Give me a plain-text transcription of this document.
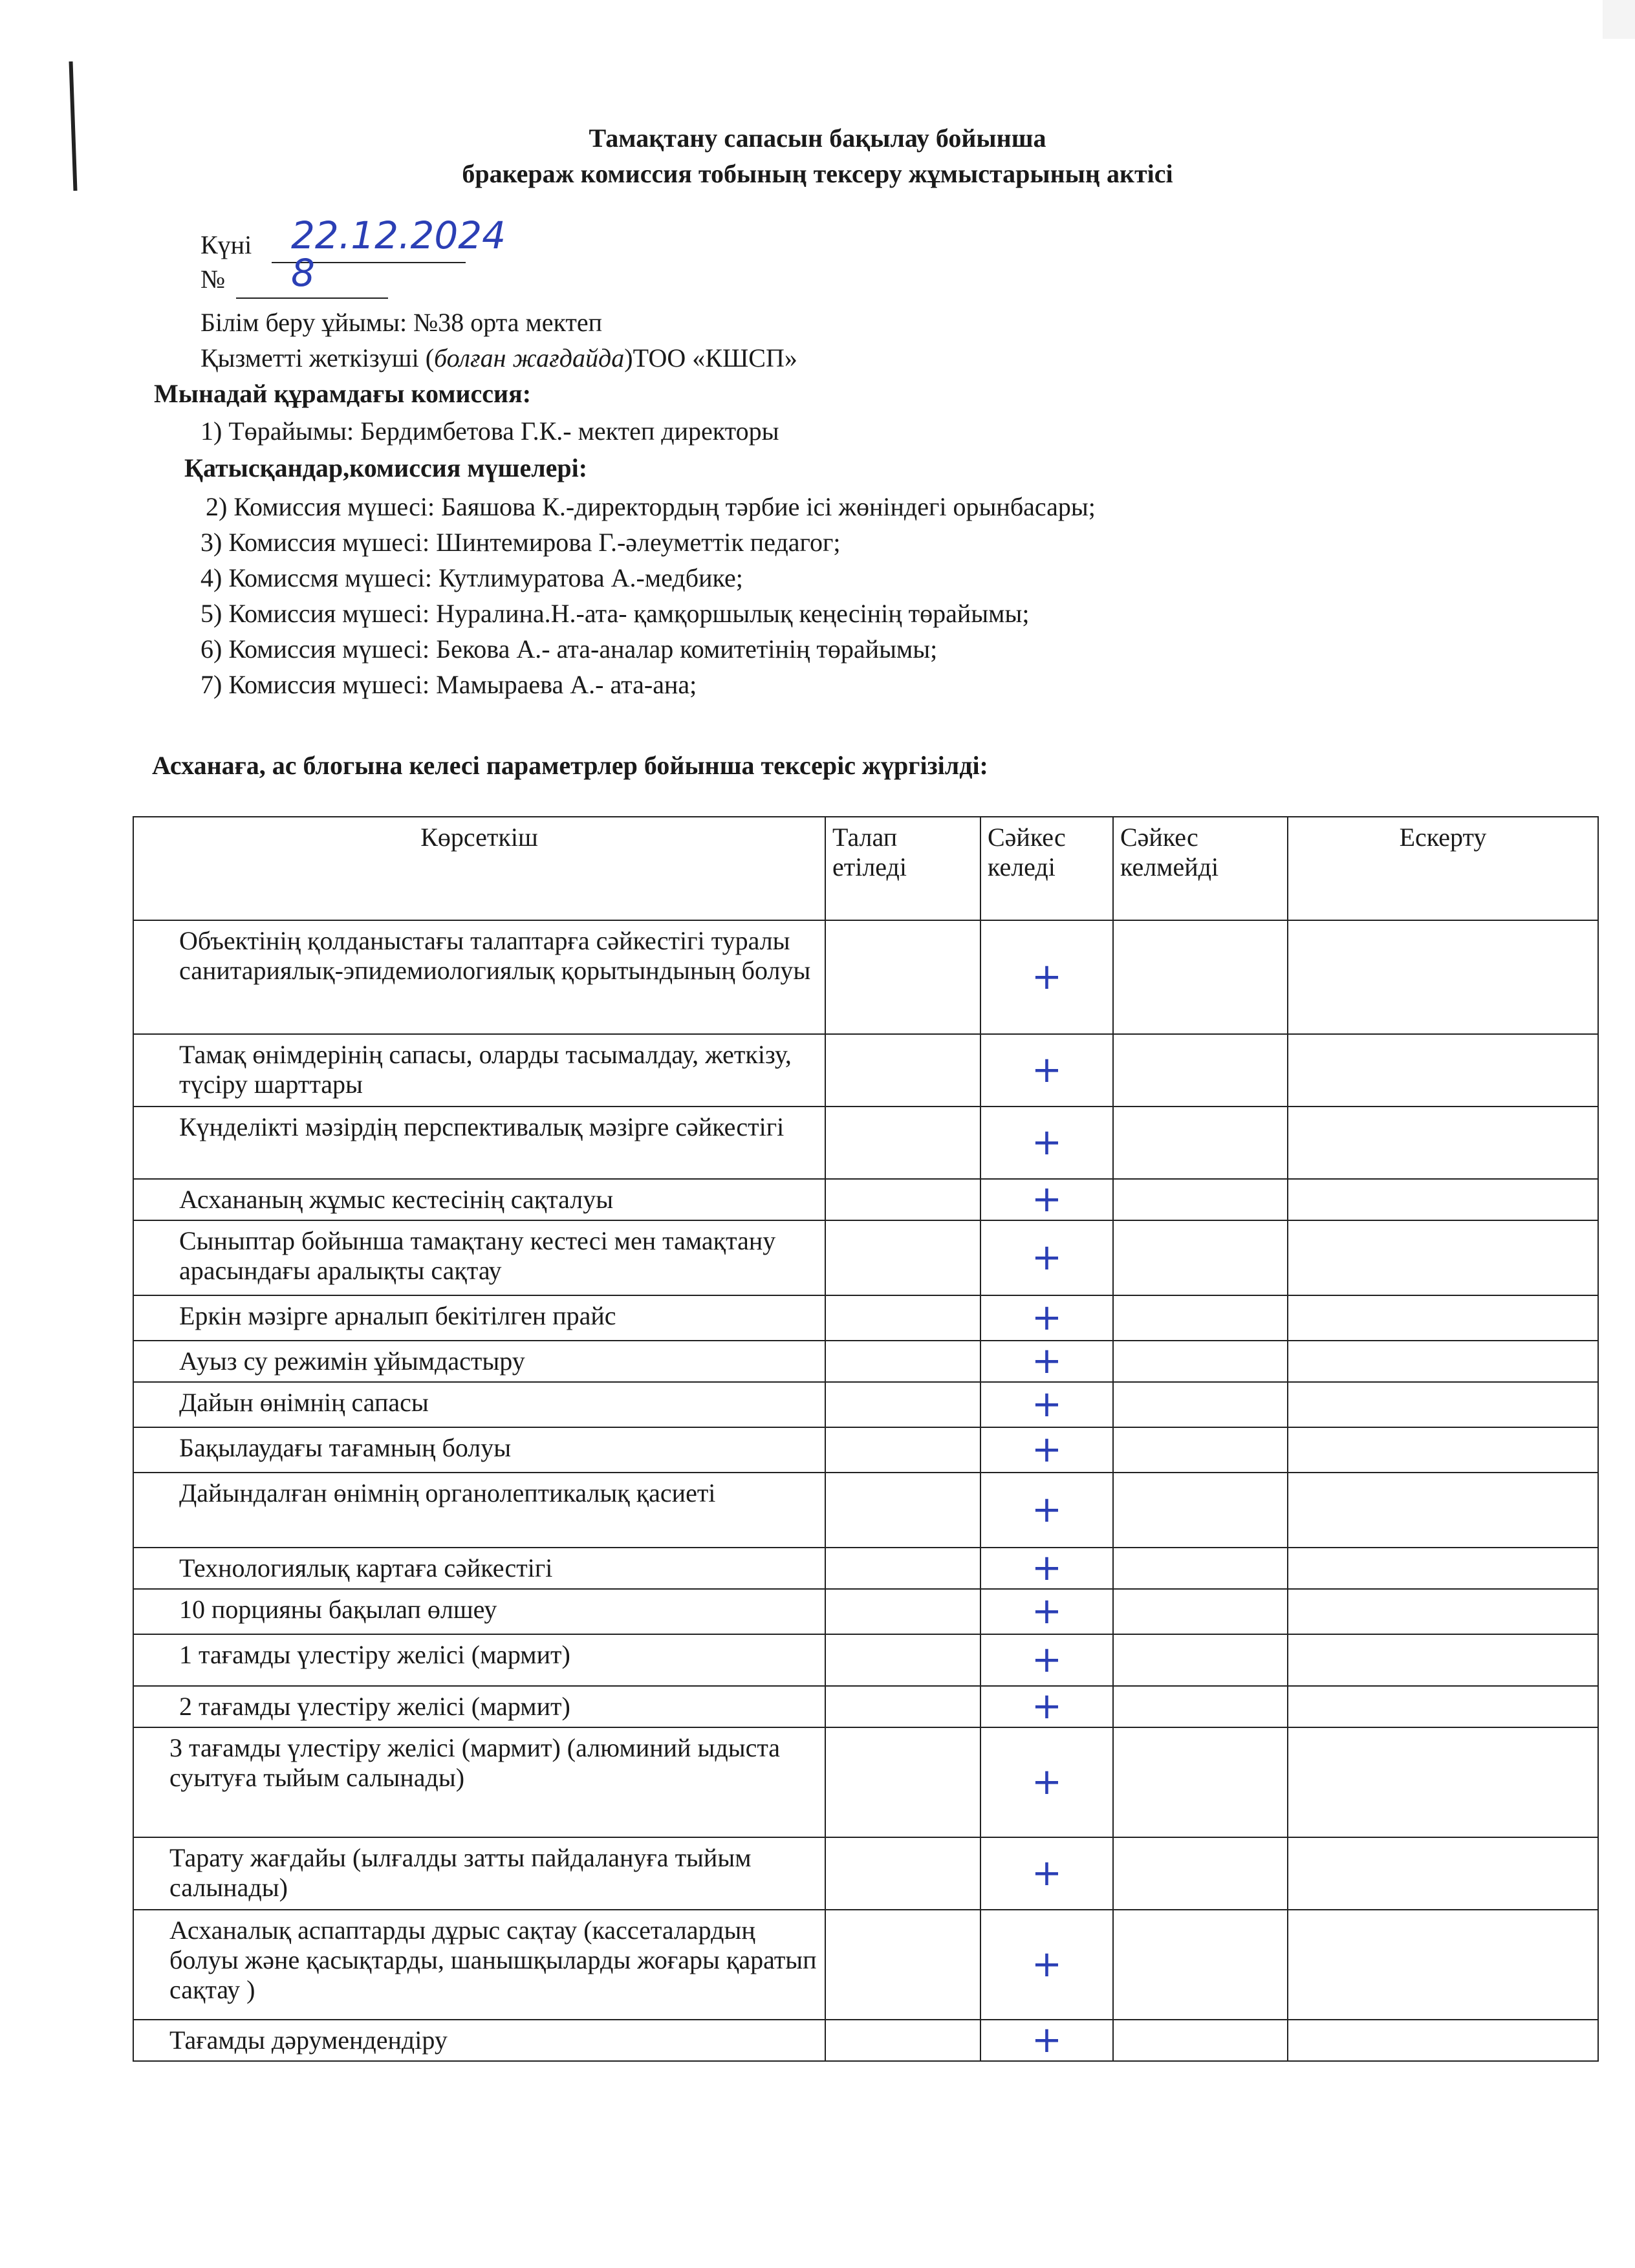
Тамақтану сапасын бақылау бойынша
бракераж комиссия тобының тексеру жұмыстарының актісі
Күні 22.12.2024
№ 8
Білім беру ұйымы: №38 орта мектеп
Қызметті жеткізуші (болған жағдайда)ТОО «КШСП»
Мынадай құрамдағы комиссия:
1) Төрайымы: Бердимбетова Г.К.- мектеп директоры
Қатысқандар,комиссия мүшелері:
2) Комиссия мүшесі: Баяшова К.-директордың тәрбие ісі жөніндегі орынбасары;
3) Комиссия мүшесі: Шинтемирова Г.-әлеуметтік педагог;
4) Комиссмя мүшесі: Кутлимуратова А.-медбике;
5) Комиссия мүшесі: Нуралина.Н.-ата- қамқоршылық кеңесінің төрайымы;
6) Комиссия мүшесі: Бекова А.- ата-аналар комитетінің төрайымы;
7) Комиссия мүшесі: Мамыраева А.- ата-ана;
Асханаға, ас блогына келесі параметрлер бойынша тексеріс жүргізілді:
Көрсеткіш	Талап етіледі	Сәйкес келеді	Сәйкес келмейді	Ескерту
Объектінің қолданыстағы талаптарға сәйкестігі туралы санитариялық-эпидемиологиялық қорытындының болуы		+		
Тамақ өнімдерінің сапасы, оларды тасымалдау, жеткізу, түсіру шарттары		+		
Күнделікті мәзірдің перспективалық мәзірге сәйкестігі		+		
Асхананың жұмыс кестесінің сақталуы		+		
Сыныптар бойынша тамақтану кестесі мен тамақтану арасындағы аралықты сақтау		+		
Еркін мәзірге арналып бекітілген прайс		+		
Ауыз су режимін ұйымдастыру		+		
Дайын өнімнің сапасы		+		
Бақылаудағы тағамның болуы		+		
Дайындалған өнімнің органолептикалық қасиеті		+		
Технологиялық картаға сәйкестігі		+		
10 порцияны бақылап өлшеу		+		
1 тағамды үлестіру желісі (мармит)		+		
2 тағамды үлестіру желісі (мармит)		+		
3 тағамды үлестіру желісі (мармит) (алюминий ыдыста суытуға тыйым салынады)		+		
Тарату жағдайы (ылғалды затты пайдалануға тыйым салынады)		+		
Асханалық аспаптарды дұрыс сақтау (кассеталардың болуы және қасықтарды, шанышқыларды жоғары қаратып сақтау )		+		
Тағамды дәрумендендіру		+		
